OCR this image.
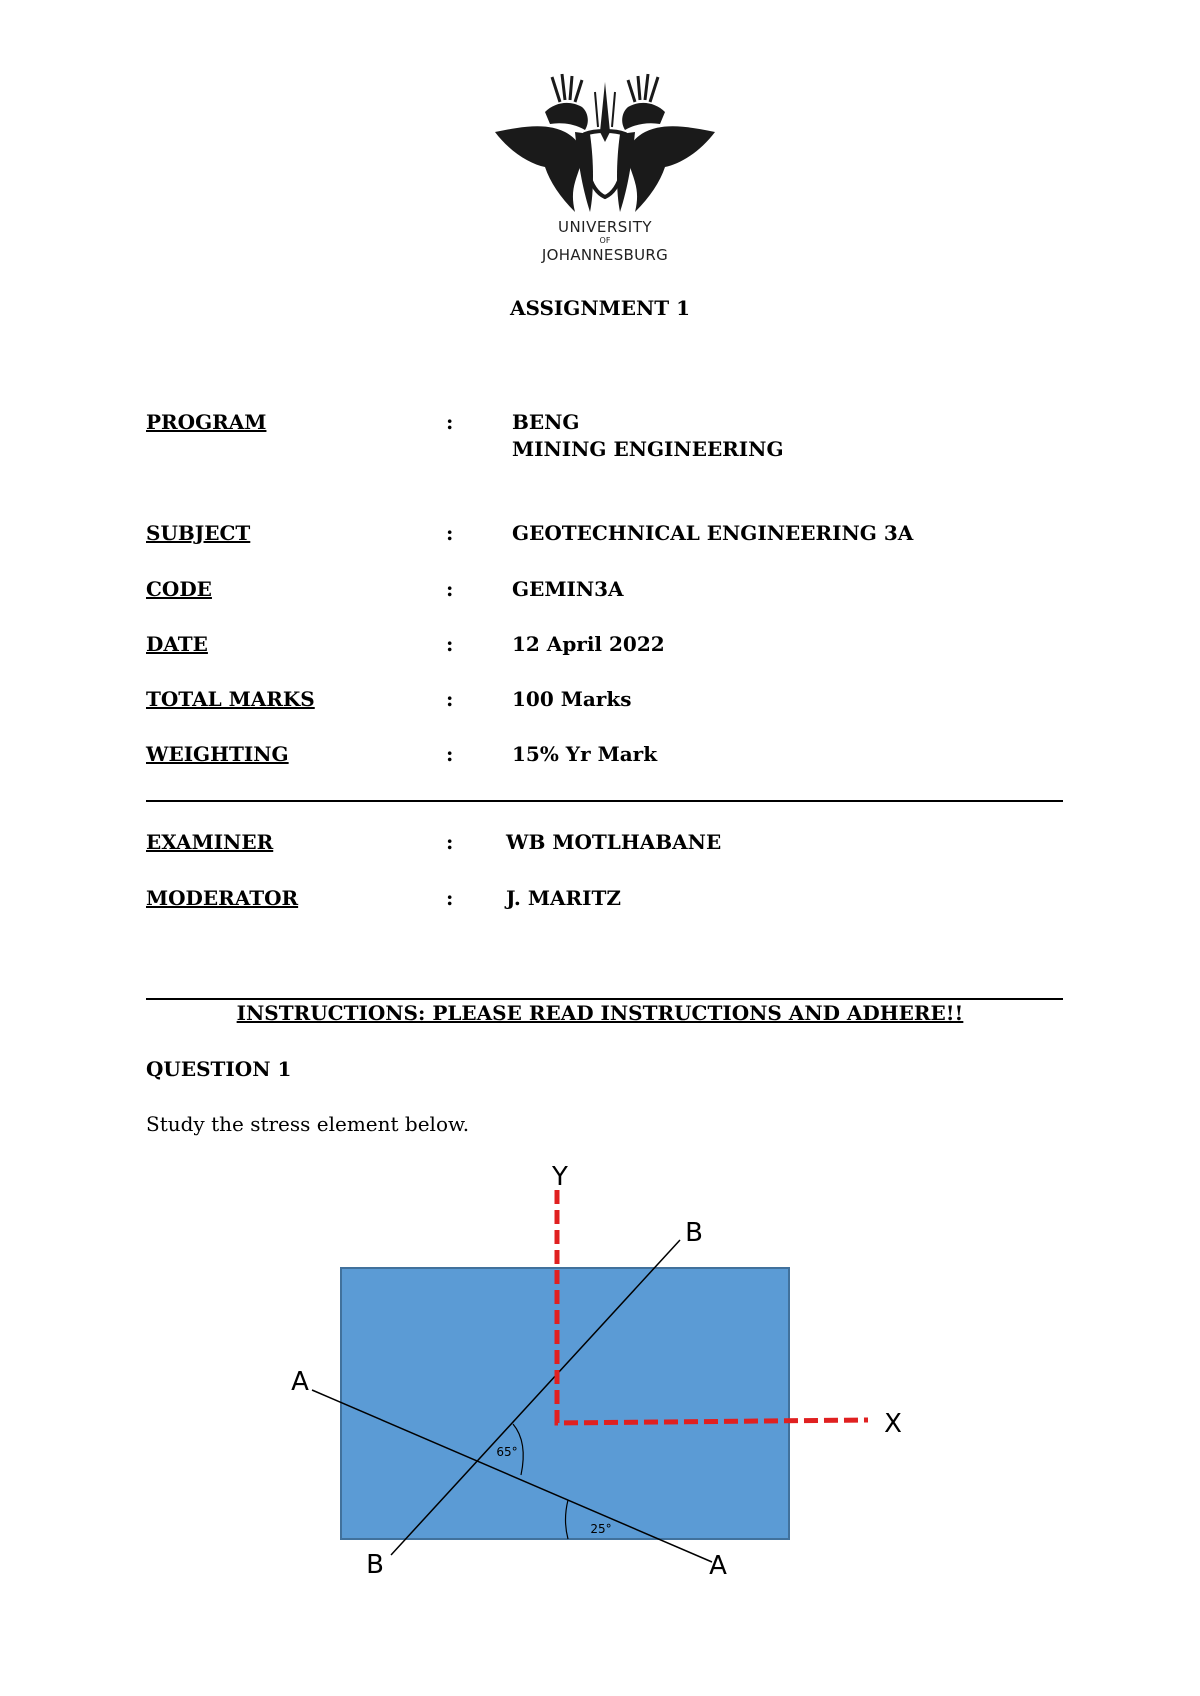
UNIVERSITY
OF
JOHANNESBURG
ASSIGNMENT 1
PROGRAM	:	BENG
MINING ENGINEERING
SUBJECT	:	GEOTECHNICAL ENGINEERING 3A
CODE	:	GEMIN3A
DATE	:	12 April 2022
TOTAL MARKS	:	100 Marks
WEIGHTING	:	15% Yr Mark
EXAMINER	:	WB MOTLHABANE
MODERATOR	:	J. MARITZ
INSTRUCTIONS: PLEASE READ INSTRUCTIONS AND ADHERE!!
QUESTION 1
Study the stress element below.
Y
X
A
A
B
B
65°
25°
